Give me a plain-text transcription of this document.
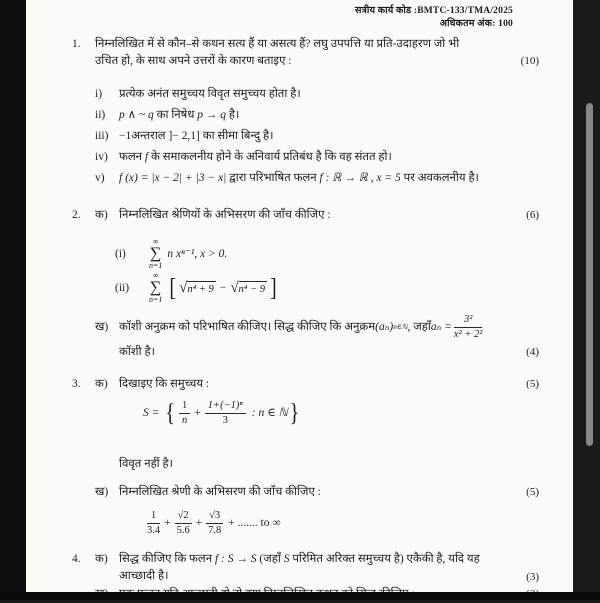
सत्रीय कार्य कोड :BMTC-133/TMA/2025
अधिकतम अंक: 100
1. निम्नलिखित में से कौन–से कथन सत्य हैं या असत्य हैं? लघु उपपत्ति या प्रति-उदाहरण जो भी
उचित हो, के साथ अपने उत्तरों के कारण बताइए :	(10)
i) प्रत्येक अनंत समुच्चय विवृत समुच्चय होता है।
ii) p ∧ ~ q का निषेध p → q है।
iii) −1अन्तराल ]− 2,1] का सीमा बिन्दु है।
iv) फलन f के समाकलनीय होने के अनिवार्य प्रतिबंध है कि वह संतत हो।
v) f (x) = |x − 2| + |3 − x| द्वारा परिभाषित फलन f : ℝ → ℝ , x = 5 पर अवकलनीय है।
2. क) निम्नलिखित श्रेणियों के अभिसरण की जाँच कीजिए :	(6)
(i)
∞
∑
n=1
n xⁿ⁻¹, x > 0.
(ii)
∞
∑
n=1 [ √ n⁴ + 9 − √ n⁴ − 9 ]
ख) कॉशी अनुक्रम को परिभाषित कीजिए। सिद्ध कीजिए कि अनुक्रम (aₙ) n∈ℕ , जहाँ $a_n = \frac{\text{3²}}{\text{x² + 2²}}$
कॉशी है।	(4)
3. क) दिखाइए कि समुच्चय :	(5)
S = { $\frac{1}{n} + \frac{\text{1+(−1)ⁿ}}{3}$ : n ∈ ℕ }
विवृत नहीं है।
ख) निम्नलिखित श्रेणी के अभिसरण की जाँच कीजिए :	(5)
$\frac{1}{3.4} + \frac{√2}{5.6} + \frac{√3}{7.8}$ + ....... to ∞
4. क) सिद्ध कीजिए कि फलन f : S → S (जहाँ S परिमित अरिक्त समुच्चय है) एकैकी है, यदि यह
आच्छादी है।	(3)
